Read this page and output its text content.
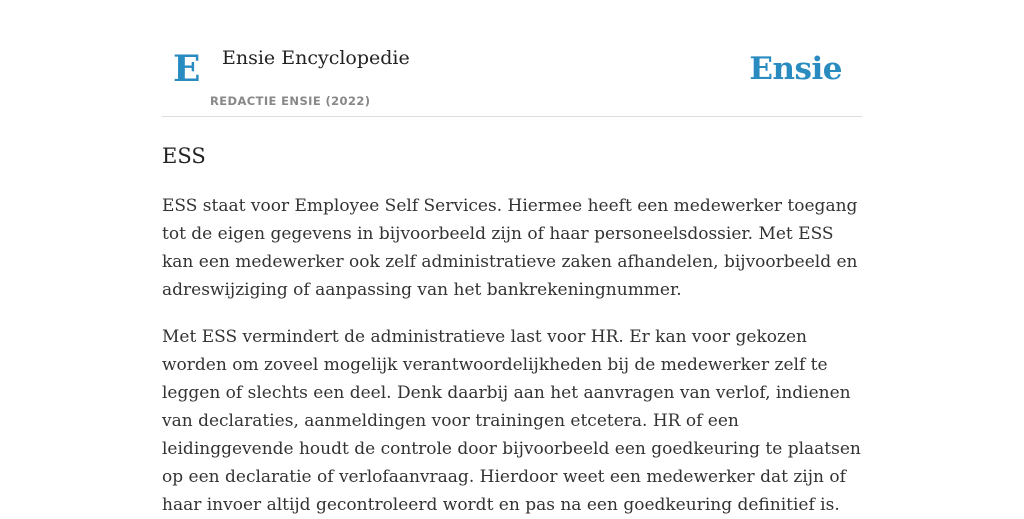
E Ensie Encyclopedie
REDACTIE ENSIE (2022)
Ensie
ESS

ESS staat voor Employee Self Services. Hiermee heeft een medewerker toegang tot de eigen gegevens in bijvoorbeeld zijn of haar personeelsdossier. Met ESS kan een medewerker ook zelf administratieve zaken afhandelen, bijvoorbeeld en adreswijziging of aanpassing van het bankrekeningnummer.

Met ESS vermindert de administratieve last voor HR. Er kan voor gekozen worden om zoveel mogelijk verantwoordelijkheden bij de medewerker zelf te leggen of slechts een deel. Denk daarbij aan het aanvragen van verlof, indienen van declaraties, aanmeldingen voor trainingen etcetera. HR of een leidinggevende houdt de controle door bijvoorbeeld een goedkeuring te plaatsen op een declaratie of verlofaanvraag. Hierdoor weet een medewerker dat zijn of haar invoer altijd gecontroleerd wordt en pas na een goedkeuring definitief is.
